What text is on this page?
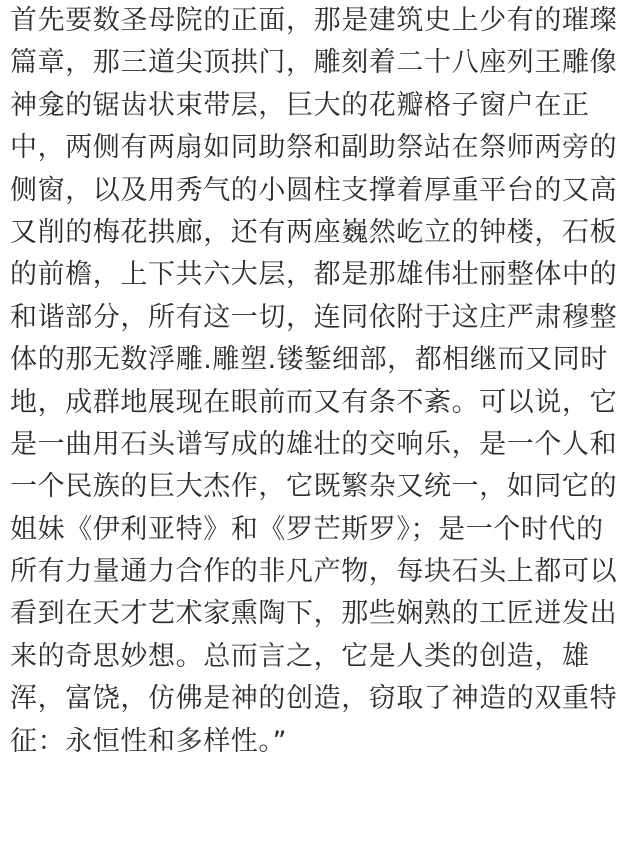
首先要数圣母院的正面，那是建筑史上少有的璀璨
篇章，那三道尖顶拱门，雕刻着二十八座列王雕像
神龛的锯齿状束带层，巨大的花瓣格子窗户在正
中，两侧有两扇如同助祭和副助祭站在祭师两旁的
侧窗，以及用秀气的小圆柱支撑着厚重平台的又高
又削的梅花拱廊，还有两座巍然屹立的钟楼，石板
的前檐，上下共六大层，都是那雄伟壮丽整体中的
和谐部分，所有这一切，连同依附于这庄严肃穆整
体的那无数浮雕.雕塑.镂錾细部，都相继而又同时
地，成群地展现在眼前而又有条不紊。可以说，它
是一曲用石头谱写成的雄壮的交响乐，是一个人和
一个民族的巨大杰作，它既繁杂又统一，如同它的
姐妹《伊利亚特》和《罗芒斯罗》；是一个时代的
所有力量通力合作的非凡产物，每块石头上都可以
看到在天才艺术家熏陶下，那些娴熟的工匠迸发出
来的奇思妙想。总而言之，它是人类的创造，雄
浑，富饶，仿佛是神的创造，窃取了神造的双重特
征：永恒性和多样性。”
